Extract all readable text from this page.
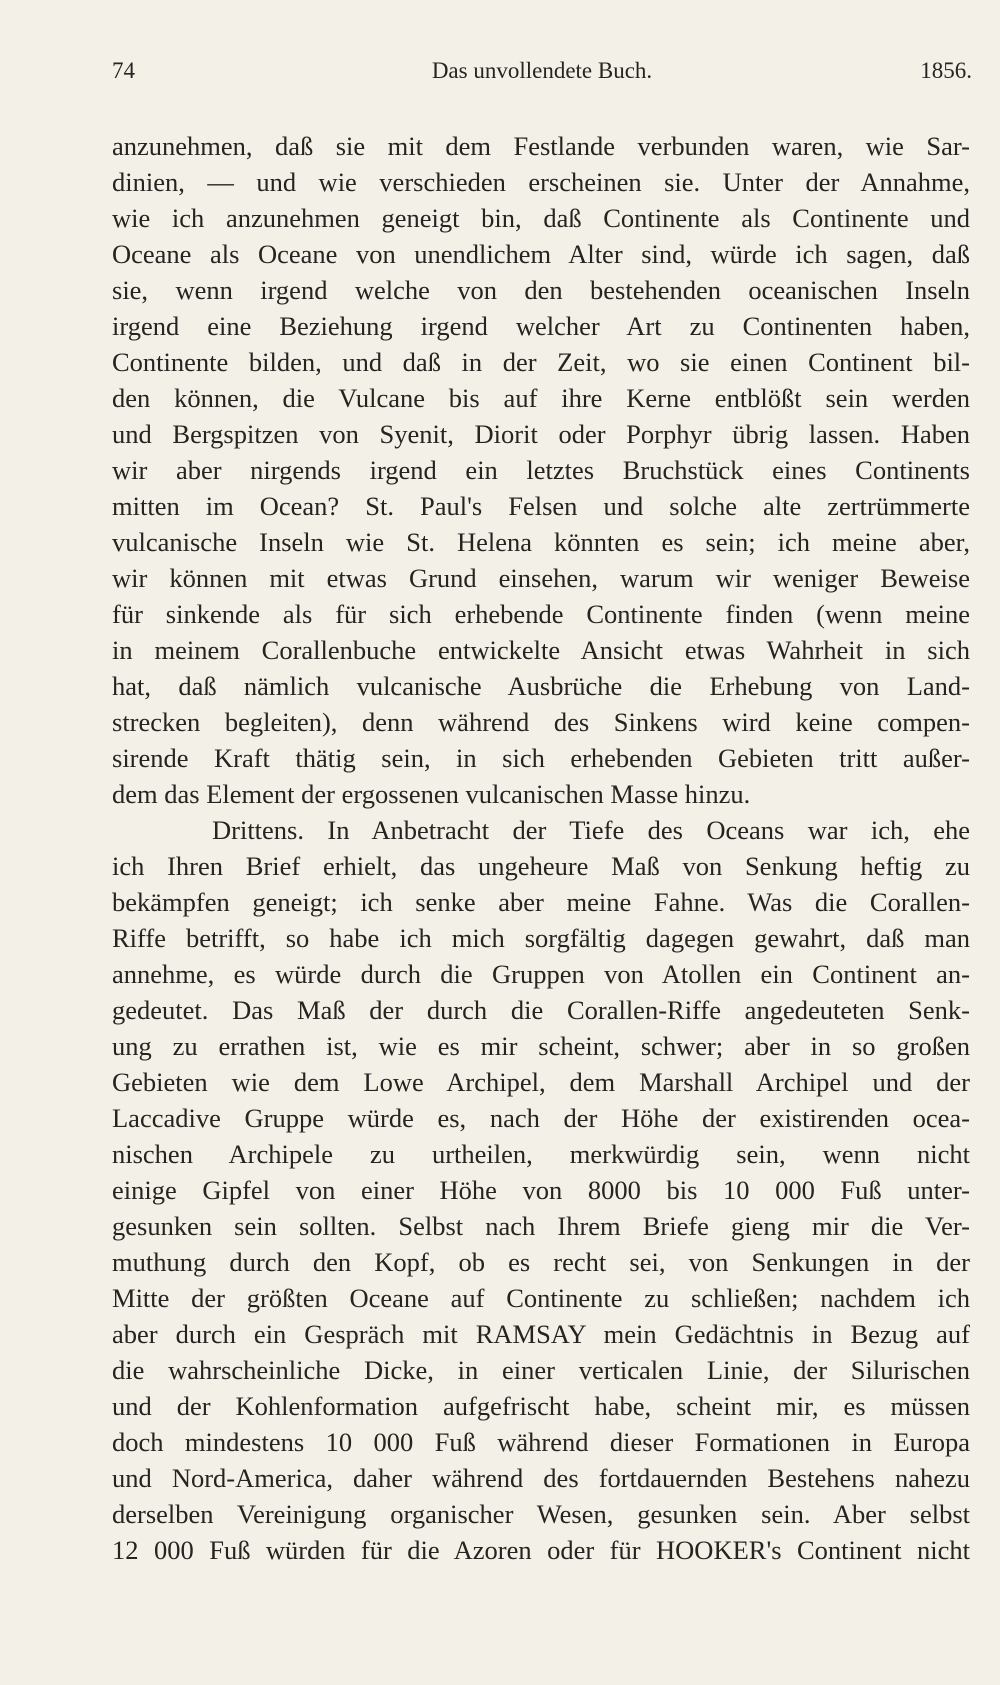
74	Das unvollendete Buch.	1856.
anzunehmen, daß sie mit dem Festlande verbunden waren, wie Sar-
dinien, — und wie verschieden erscheinen sie. Unter der Annahme,
wie ich anzunehmen geneigt bin, daß Continente als Continente und
Oceane als Oceane von unendlichem Alter sind, würde ich sagen, daß
sie, wenn irgend welche von den bestehenden oceanischen Inseln
irgend eine Beziehung irgend welcher Art zu Continenten haben,
Continente bilden, und daß in der Zeit, wo sie einen Continent bil-
den können, die Vulcane bis auf ihre Kerne entblößt sein werden
und Bergspitzen von Syenit, Diorit oder Porphyr übrig lassen. Haben
wir aber nirgends irgend ein letztes Bruchstück eines Continents
mitten im Ocean? St. Paul's Felsen und solche alte zertrümmerte
vulcanische Inseln wie St. Helena könnten es sein; ich meine aber,
wir können mit etwas Grund einsehen, warum wir weniger Beweise
für sinkende als für sich erhebende Continente finden (wenn meine
in meinem Corallenbuche entwickelte Ansicht etwas Wahrheit in sich
hat, daß nämlich vulcanische Ausbrüche die Erhebung von Land-
strecken begleiten), denn während des Sinkens wird keine compen-
sirende Kraft thätig sein, in sich erhebenden Gebieten tritt außer-
dem das Element der ergossenen vulcanischen Masse hinzu.
Drittens. In Anbetracht der Tiefe des Oceans war ich, ehe
ich Ihren Brief erhielt, das ungeheure Maß von Senkung heftig zu
bekämpfen geneigt; ich senke aber meine Fahne. Was die Corallen-
Riffe betrifft, so habe ich mich sorgfältig dagegen gewahrt, daß man
annehme, es würde durch die Gruppen von Atollen ein Continent an-
gedeutet. Das Maß der durch die Corallen-Riffe angedeuteten Senk-
ung zu errathen ist, wie es mir scheint, schwer; aber in so großen
Gebieten wie dem Lowe Archipel, dem Marshall Archipel und der
Laccadive Gruppe würde es, nach der Höhe der existirenden ocea-
nischen Archipele zu urtheilen, merkwürdig sein, wenn nicht
einige Gipfel von einer Höhe von 8000 bis 10 000 Fuß unter-
gesunken sein sollten. Selbst nach Ihrem Briefe gieng mir die Ver-
muthung durch den Kopf, ob es recht sei, von Senkungen in der
Mitte der größten Oceane auf Continente zu schließen; nachdem ich
aber durch ein Gespräch mit RAMSAY mein Gedächtnis in Bezug auf
die wahrscheinliche Dicke, in einer verticalen Linie, der Silurischen
und der Kohlenformation aufgefrischt habe, scheint mir, es müssen
doch mindestens 10 000 Fuß während dieser Formationen in Europa
und Nord-America, daher während des fortdauernden Bestehens nahezu
derselben Vereinigung organischer Wesen, gesunken sein. Aber selbst
12 000 Fuß würden für die Azoren oder für HOOKER's Continent nicht
